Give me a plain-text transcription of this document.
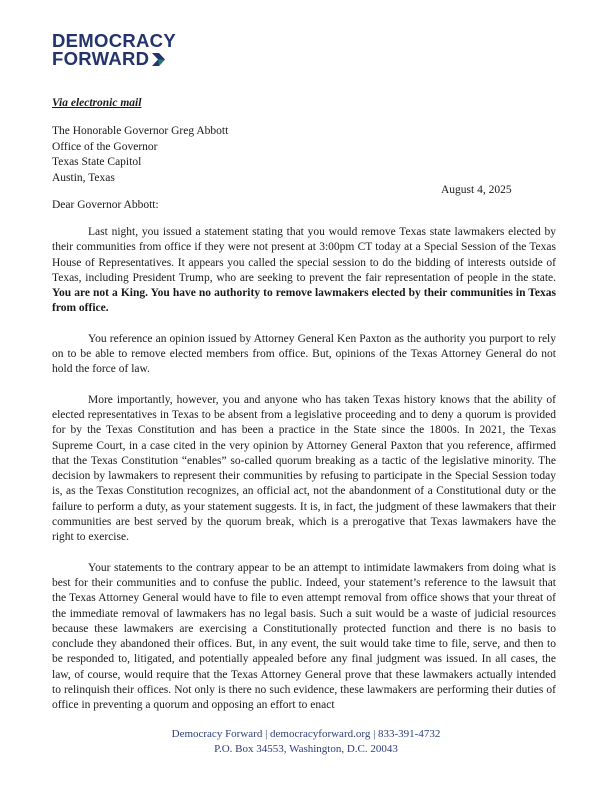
DEMOCRACY
FORWARD
Via electronic mail
The Honorable Governor Greg Abbott
Office of the Governor
Texas State Capitol
Austin, Texas
August 4, 2025
Dear Governor Abbott:

Last night, you issued a statement stating that you would remove Texas state lawmakers elected by their communities from office if they were not present at 3:00pm CT today at a Special Session of the Texas House of Representatives. It appears you called the special session to do the bidding of interests outside of Texas, including President Trump, who are seeking to prevent the fair representation of people in the state. You are not a King. You have no authority to remove lawmakers elected by their communities in Texas from office.

You reference an opinion issued by Attorney General Ken Paxton as the authority you purport to rely on to be able to remove elected members from office. But, opinions of the Texas Attorney General do not hold the force of law.

More importantly, however, you and anyone who has taken Texas history knows that the ability of elected representatives in Texas to be absent from a legislative proceeding and to deny a quorum is provided for by the Texas Constitution and has been a practice in the State since the 1800s. In 2021, the Texas Supreme Court, in a case cited in the very opinion by Attorney General Paxton that you reference, affirmed that the Texas Constitution “enables” so-called quorum breaking as a tactic of the legislative minority. The decision by lawmakers to represent their communities by refusing to participate in the Special Session today is, as the Texas Constitution recognizes, an official act, not the abandonment of a Constitutional duty or the failure to perform a duty, as your statement suggests. It is, in fact, the judgment of these lawmakers that their communities are best served by the quorum break, which is a prerogative that Texas lawmakers have the right to exercise.

Your statements to the contrary appear to be an attempt to intimidate lawmakers from doing what is best for their communities and to confuse the public. Indeed, your statement’s reference to the lawsuit that the Texas Attorney General would have to file to even attempt removal from office shows that your threat of the immediate removal of lawmakers has no legal basis. Such a suit would be a waste of judicial resources because these lawmakers are exercising a Constitutionally protected function and there is no basis to conclude they abandoned their offices. But, in any event, the suit would take time to file, serve, and then to be responded to, litigated, and potentially appealed before any final judgment was issued. In all cases, the law, of course, would require that the Texas Attorney General prove that these lawmakers actually intended to relinquish their offices. Not only is there no such evidence, these lawmakers are performing their duties of office in preventing a quorum and opposing an effort to enact

Democracy Forward | democracyforward.org | 833-391-4732
P.O. Box 34553, Washington, D.C. 20043
